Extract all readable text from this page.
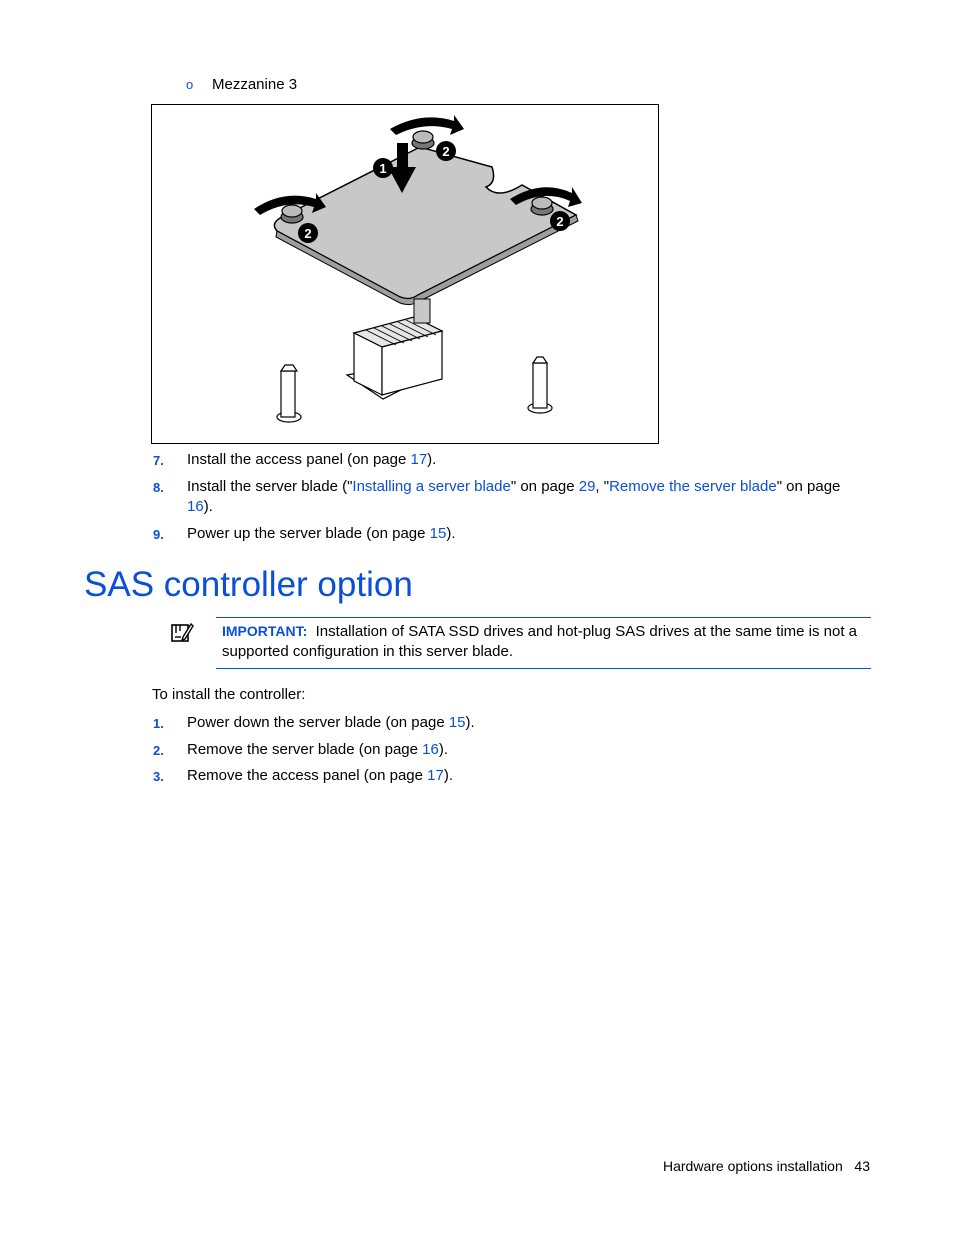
o Mezzanine 3
1
2
2
2
7. Install the access panel (on page 17).
8. Install the server blade ("Installing a server blade" on page 29, "Remove the server blade" on page
16).
9. Power up the server blade (on page 15).
SAS controller option
IMPORTANT: Installation of SATA SSD drives and hot-plug SAS drives at the same time is not a supported configuration in this server blade.
To install the controller:
1. Power down the server blade (on page 15).
2. Remove the server blade (on page 16).
3. Remove the access panel (on page 17).
Hardware options installation 43
